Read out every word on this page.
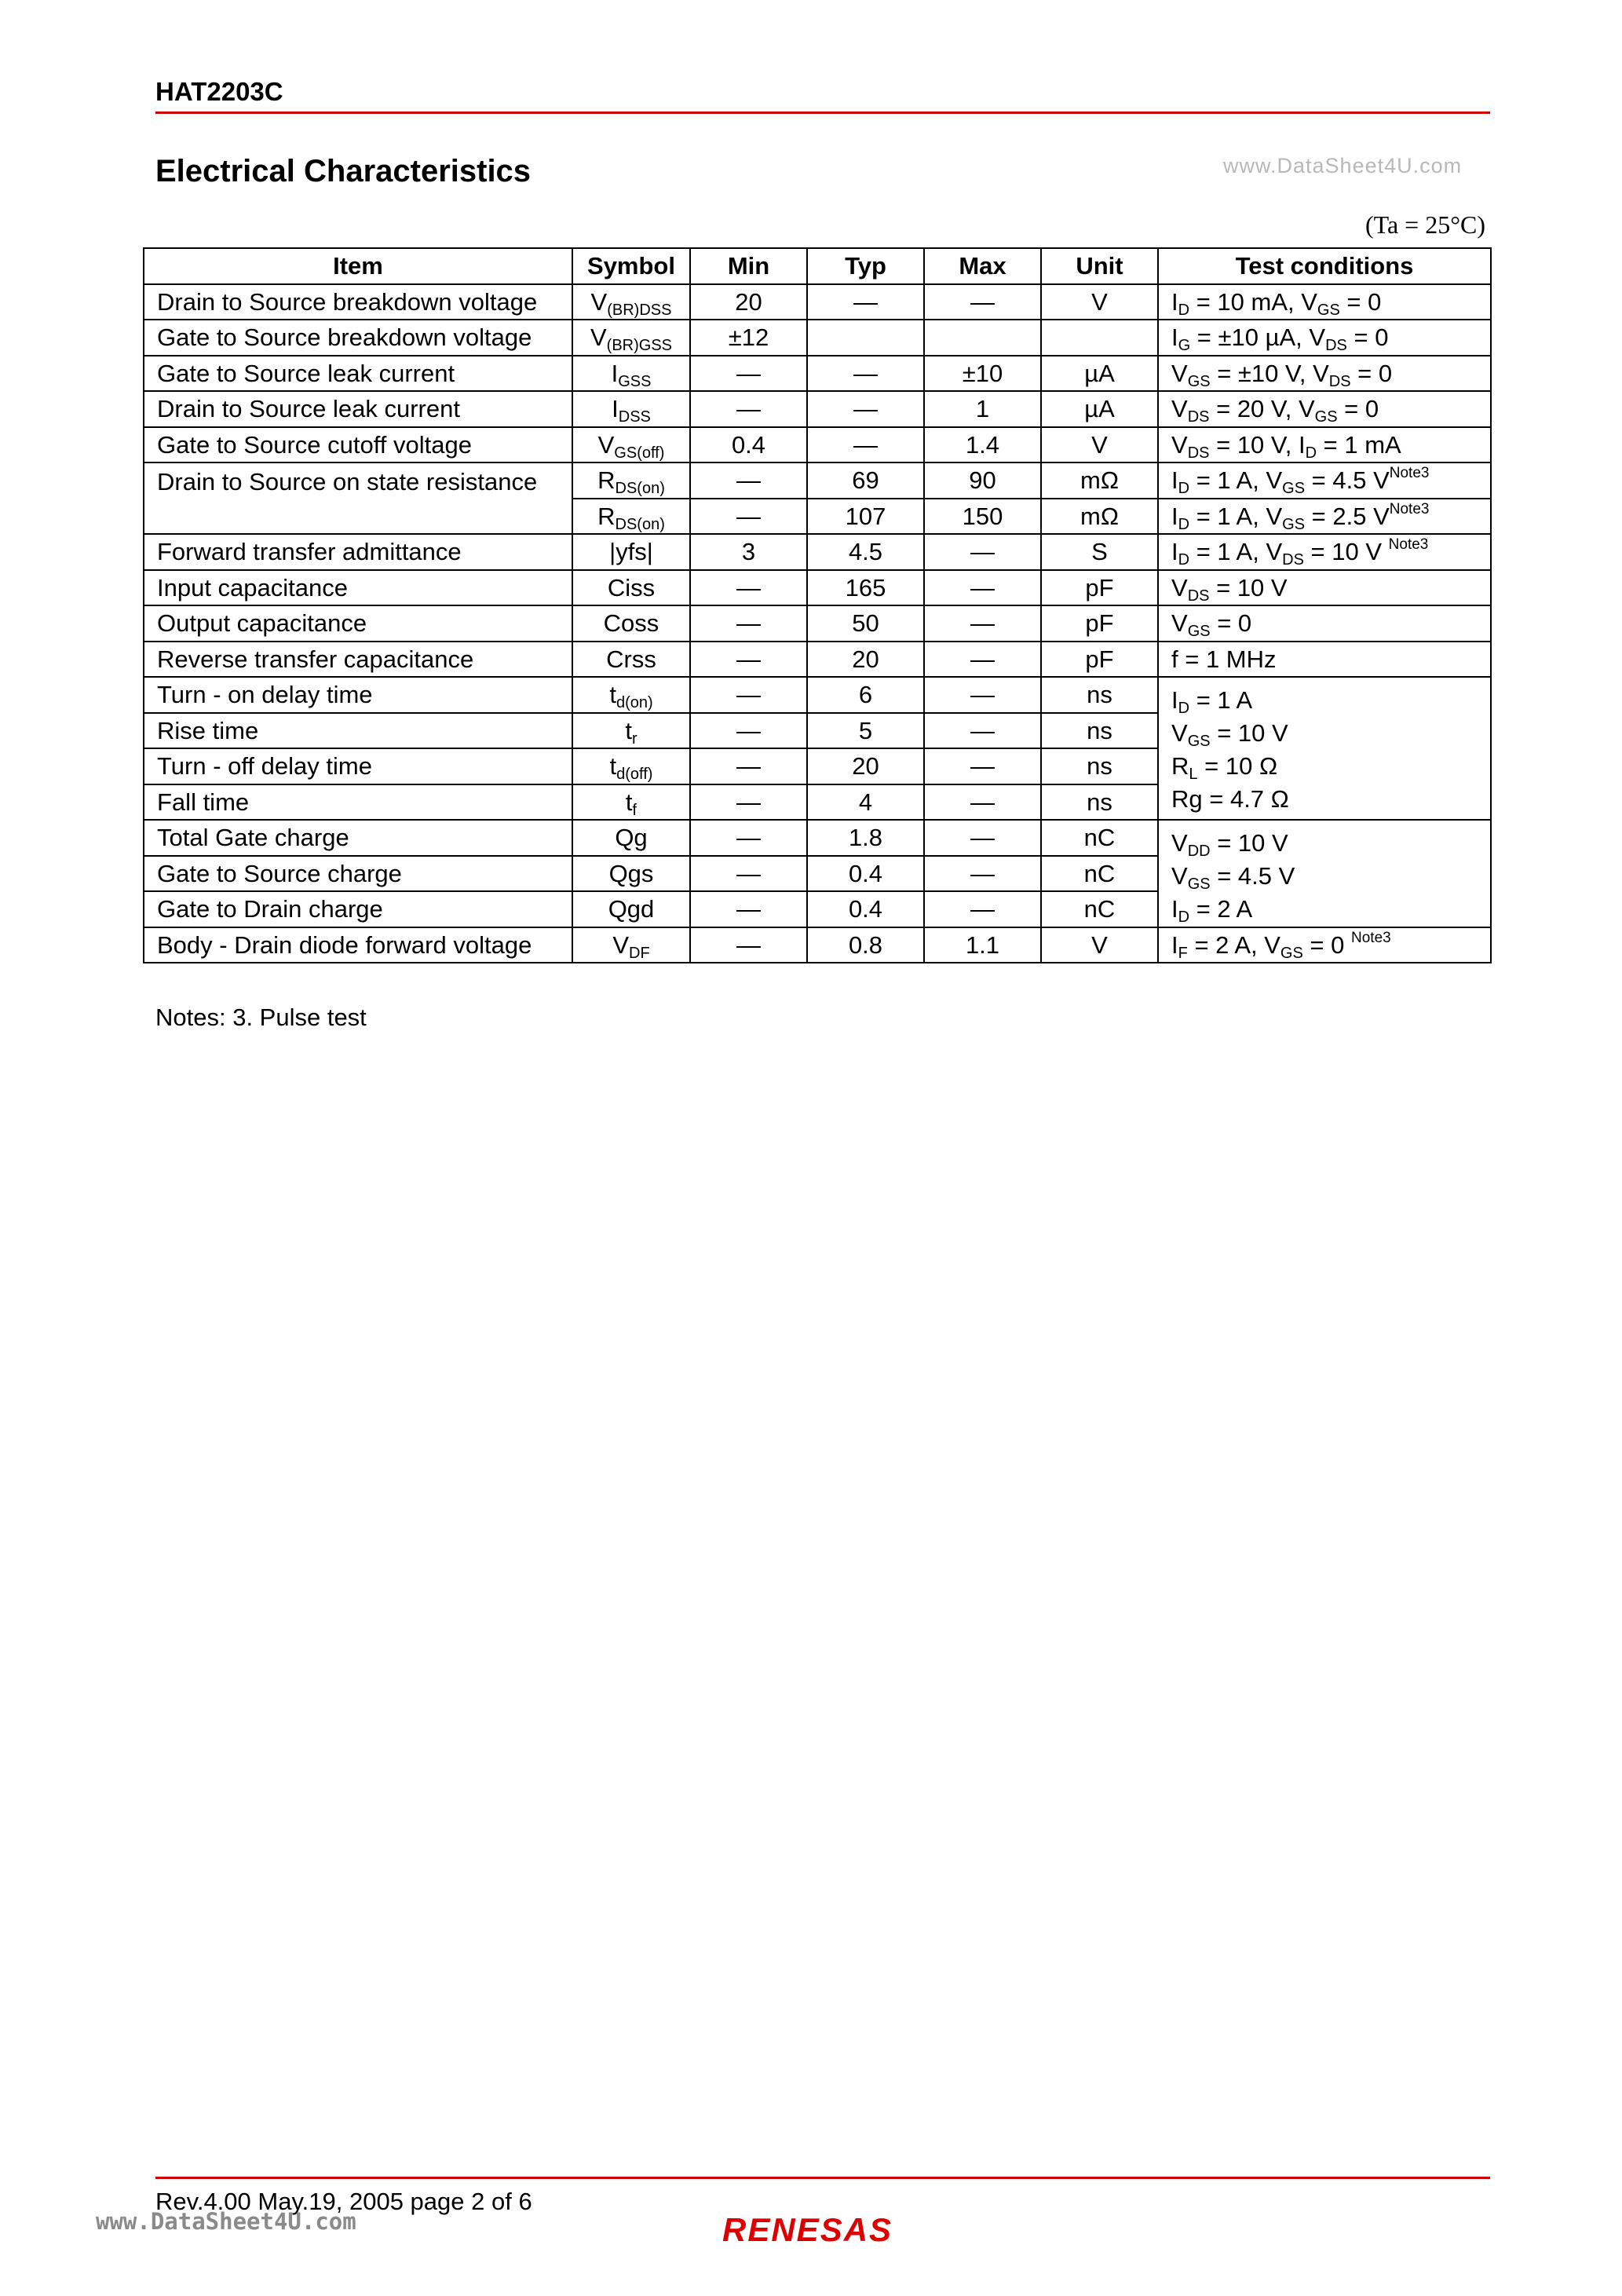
HAT2203C
Electrical Characteristics	www.DataSheet4U.com
(Ta = 25°C)
Item	Symbol	Min	Typ	Max	Unit	Test conditions
Drain to Source breakdown voltage	$V_{(BR)DSS}$	20	—	—	V	$I_D = 10$ mA, $V_{GS} = 0$
Gate to Source breakdown voltage	$V_{(BR)GSS}$	±12				$I_G = \pm 10$ µA, $V_{DS} = 0$
Gate to Source leak current	$I_{GSS}$	—	—	±10	µA	$V_{GS} = \pm 10$ V, $V_{DS} = 0$
Drain to Source leak current	$I_{DSS}$	—	—	1	µA	$V_{DS} = 20$ V, $V_{GS} = 0$
Gate to Source cutoff voltage	$V_{GS(off)}$	0.4	—	1.4	V	$V_{DS} = 10$ V, $I_D = 1$ mA
Drain to Source on state resistance	$R_{DS(on)}$	—	69	90	mΩ	$I_D = 1$ A, $V_{GS} = 4.5$ $V^{Note3}$
	$R_{DS(on)}$	—	107	150	mΩ	$I_D = 1$ A, $V_{GS} = 2.5$ $V^{Note3}$
Forward transfer admittance	|yfs|	3	4.5	—	S	$I_D = 1$ A, $V_{DS} = 10$ V $^{Note3}$
Input capacitance	Ciss	—	165	—	pF	$V_{DS} = 10$ V
Output capacitance	Coss	—	50	—	pF	$V_{GS} = 0$
Reverse transfer capacitance	Crss	—	20	—	pF	f = 1 MHz
Turn - on delay time	$t_{d(on)}$	—	6	—	ns	$I_D = 1$ A
$V_{GS} = 10$ V
$R_L = 10$ Ω
Rg = 4.7 Ω

Rise time	$t_r$	—	5	—	ns	
Turn - off delay time	$t_{d(off)}$	—	20	—	ns	
Fall time	$t_f$	—	4	—	ns	
Total Gate charge	Qg	—	1.8	—	nC	$V_{DD} = 10$ V
$V_{GS} = 4.5$ V
$I_D = 2$ A

Gate to Source charge	Qgs	—	0.4	—	nC	
Gate to Drain charge	Qgd	—	0.4	—	nC	
Body - Drain diode forward voltage	$V_{DF}$	—	0.8	1.1	V	$I_F = 2$ A, $V_{GS} = 0$ $^{Note3}$
Notes: 3. Pulse test
Rev.4.00 May.19, 2005 page 2 of 6
www.DataSheet4U.com	RENESAS
